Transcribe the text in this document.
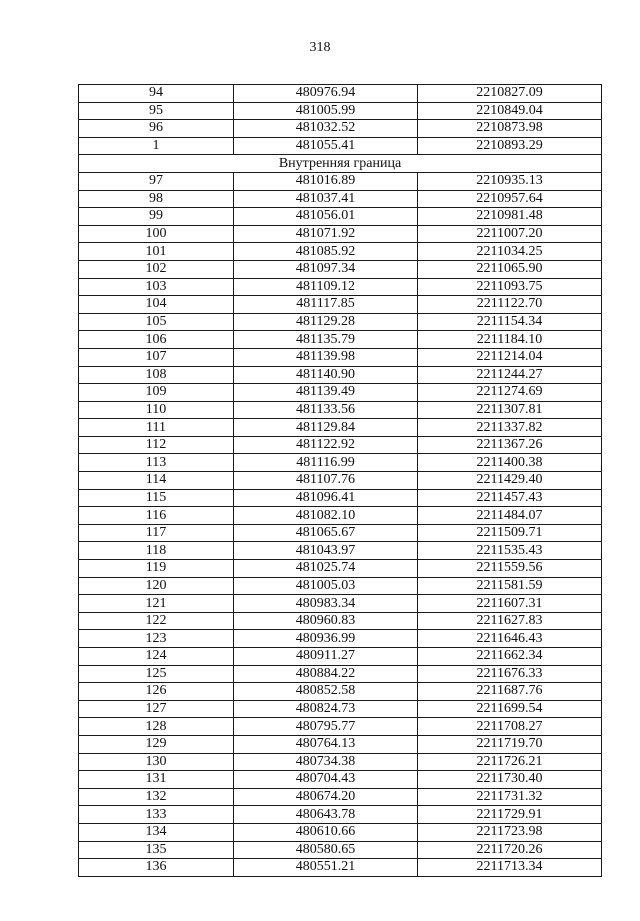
318
94	480976.94	2210827.09
95	481005.99	2210849.04
96	481032.52	2210873.98
1	481055.41	2210893.29
Внутренняя граница		
97	481016.89	2210935.13
98	481037.41	2210957.64
99	481056.01	2210981.48
100	481071.92	2211007.20
101	481085.92	2211034.25
102	481097.34	2211065.90
103	481109.12	2211093.75
104	481117.85	2211122.70
105	481129.28	2211154.34
106	481135.79	2211184.10
107	481139.98	2211214.04
108	481140.90	2211244.27
109	481139.49	2211274.69
110	481133.56	2211307.81
111	481129.84	2211337.82
112	481122.92	2211367.26
113	481116.99	2211400.38
114	481107.76	2211429.40
115	481096.41	2211457.43
116	481082.10	2211484.07
117	481065.67	2211509.71
118	481043.97	2211535.43
119	481025.74	2211559.56
120	481005.03	2211581.59
121	480983.34	2211607.31
122	480960.83	2211627.83
123	480936.99	2211646.43
124	480911.27	2211662.34
125	480884.22	2211676.33
126	480852.58	2211687.76
127	480824.73	2211699.54
128	480795.77	2211708.27
129	480764.13	2211719.70
130	480734.38	2211726.21
131	480704.43	2211730.40
132	480674.20	2211731.32
133	480643.78	2211729.91
134	480610.66	2211723.98
135	480580.65	2211720.26
136	480551.21	2211713.34
